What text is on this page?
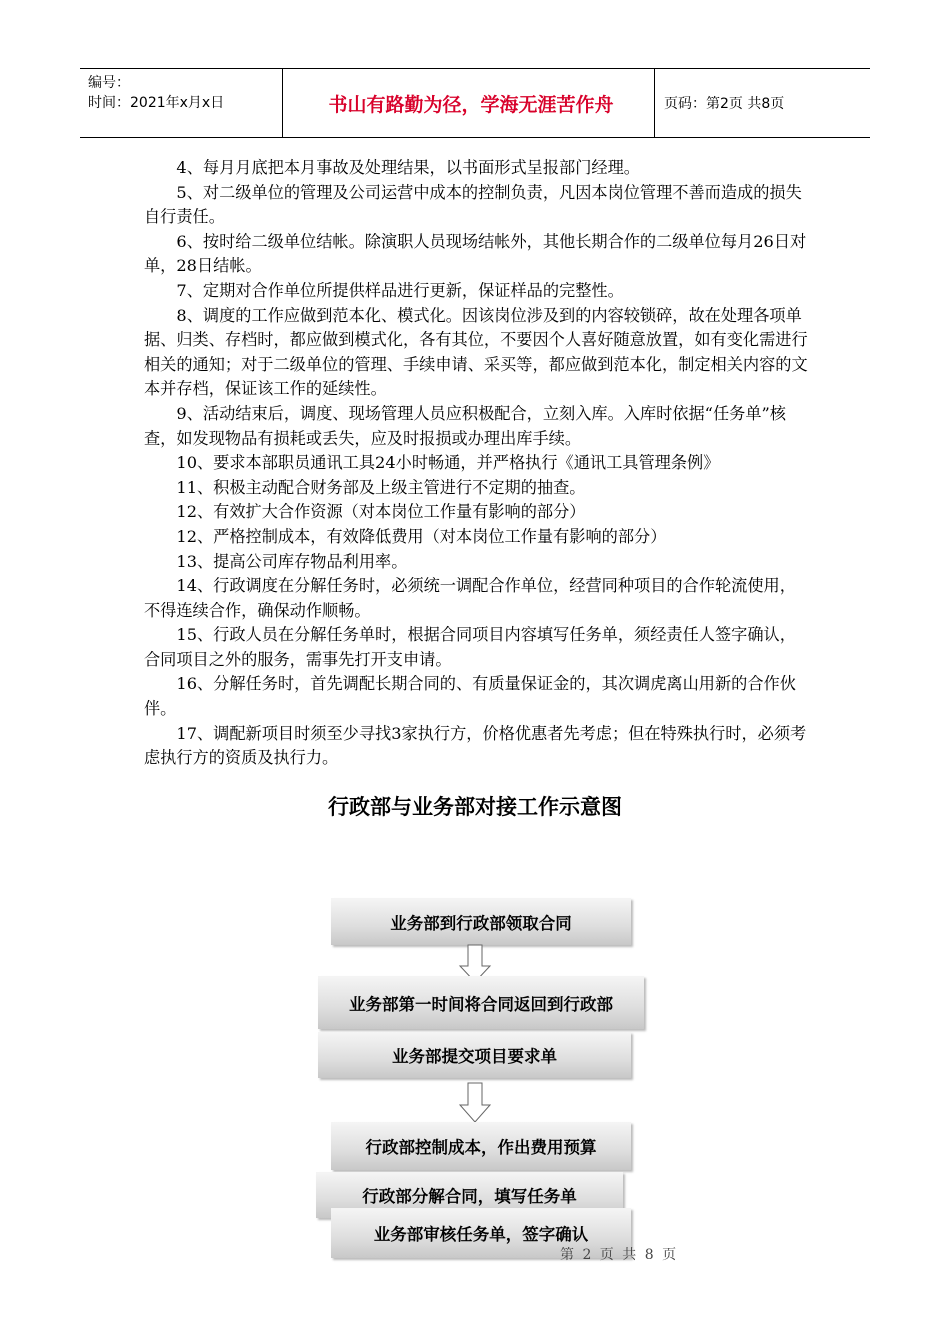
编号：
时间：2021年x月x日	书山有路勤为径，学海无涯苦作舟	页码：第2页 共8页

4、每月月底把本月事故及处理结果，以书面形式呈报部门经理。

5、对二级单位的管理及公司运营中成本的控制负责，凡因本岗位管理不善而造成的损失自行责任。

6、按时给二级单位结帐。除演职人员现场结帐外，其他长期合作的二级单位每月26日对单，28日结帐。

7、定期对合作单位所提供样品进行更新，保证样品的完整性。

8、调度的工作应做到范本化、模式化。因该岗位涉及到的内容较锁碎，故在处理各项单据、归类、存档时，都应做到模式化，各有其位，不要因个人喜好随意放置，如有变化需进行相关的通知；对于二级单位的管理、手续申请、采买等，都应做到范本化，制定相关内容的文本并存档，保证该工作的延续性。

9、活动结束后，调度、现场管理人员应积极配合，立刻入库。入库时依据“任务单”核查，如发现物品有损耗或丢失，应及时报损或办理出库手续。

10、要求本部职员通讯工具24小时畅通，并严格执行《通讯工具管理条例》

11、积极主动配合财务部及上级主管进行不定期的抽查。

12、有效扩大合作资源（对本岗位工作量有影响的部分）

12、严格控制成本，有效降低费用（对本岗位工作量有影响的部分）

13、提高公司库存物品利用率。

14、行政调度在分解任务时，必须统一调配合作单位，经营同种项目的合作轮流使用，不得连续合作，确保动作顺畅。

15、行政人员在分解任务单时，根据合同项目内容填写任务单，须经责任人签字确认，合同项目之外的服务，需事先打开支申请。

16、分解任务时，首先调配长期合同的、有质量保证金的，其次调虎离山用新的合作伙伴。

17、调配新项目时须至少寻找3家执行方，价格优惠者先考虑；但在特殊执行时，必须考虑执行方的资质及执行力。

行政部与业务部对接工作示意图
业务部到行政部领取合同
业务部第一时间将合同返回到行政部
业务部提交项目要求单
行政部控制成本，作出费用预算
行政部分解合同，填写任务单
业务部审核任务单，签字确认
第 2 页 共 8 页
